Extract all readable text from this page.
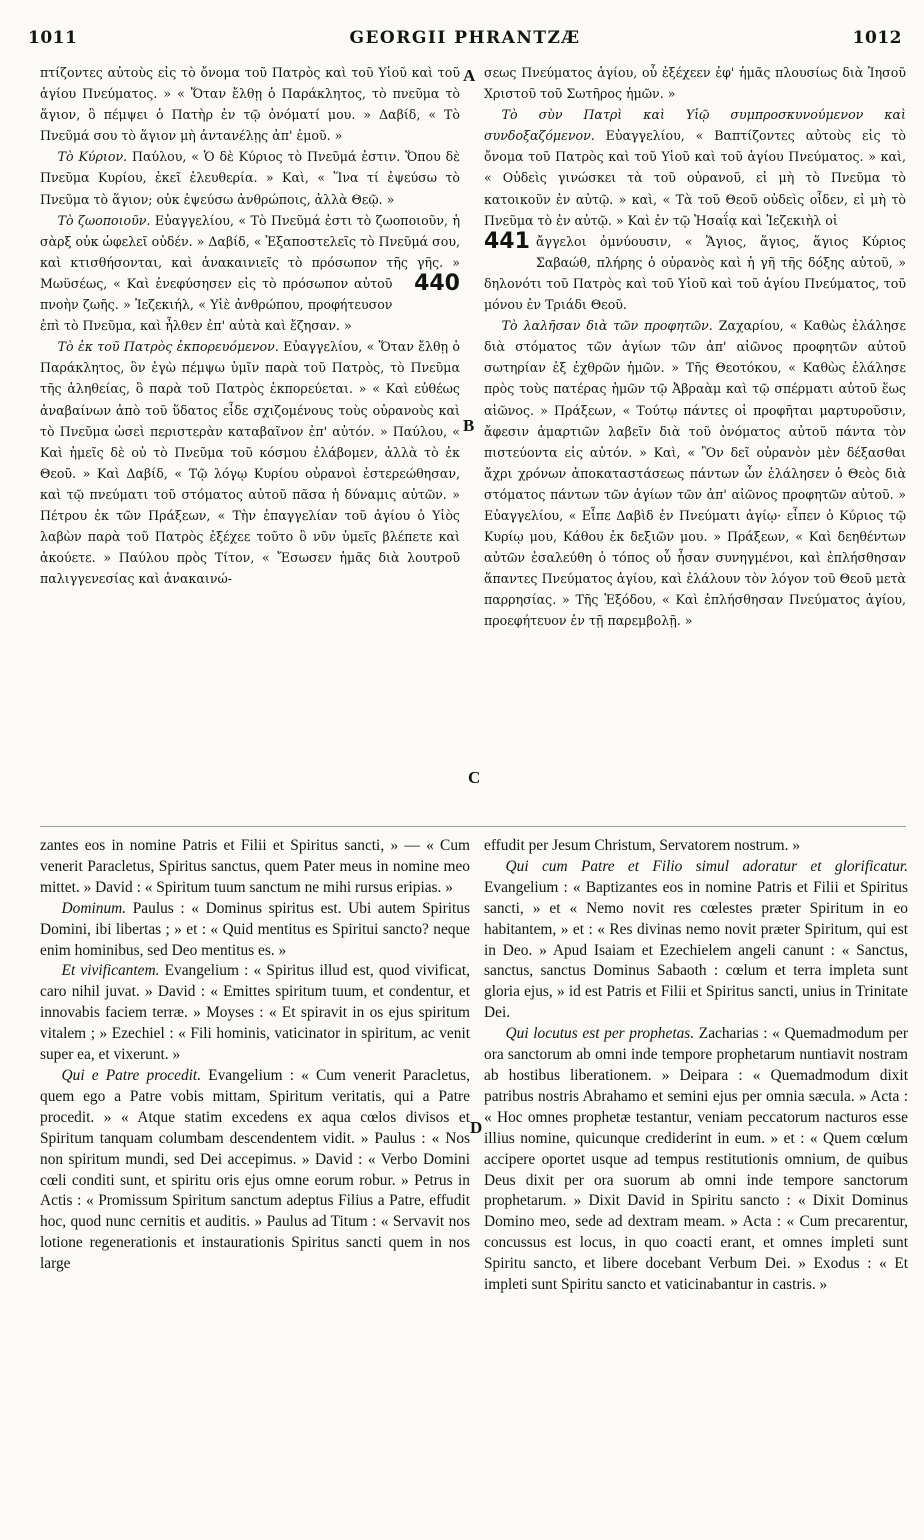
GEORGII PHRANTZÆ
1011	1012
A
B
C
D

πτίζοντες αὐτοὺς εἰς τὸ ὄνομα τοῦ Πατρὸς καὶ τοῦ Υἱοῦ καὶ τοῦ ἁγίου Πνεύματος. » « Ὅταν ἔλθῃ ὁ Παράκλητος, τὸ πνεῦμα τὸ ἅγιον, ὃ πέμψει ὁ Πατὴρ ἐν τῷ ὀνόματί μου. » Δαβίδ, « Τὸ Πνεῦμά σου τὸ ἅγιον μὴ ἀντανέλῃς ἀπ' ἐμοῦ. »

Τὸ Κύριον. Παύλου, « Ὁ δὲ Κύριος τὸ Πνεῦμά ἐστιν. Ὅπου δὲ Πνεῦμα Κυρίου, ἐκεῖ ἐλευθερία. » Καὶ, « Ἵνα τί ἐψεύσω τὸ Πνεῦμα τὸ ἅγιον; οὐκ ἐψεύσω ἀνθρώποις, ἀλλὰ Θεῷ. »

Τὸ ζωοποιοῦν. Εὐαγγελίου, « Τὸ Πνεῦμά ἐστι τὸ ζωοποιοῦν, ἡ σὰρξ οὐκ ὠφελεῖ οὐδέν. » Δαβίδ, « Ἐξαποστελεῖς τὸ Πνεῦμά σου, καὶ κτισθήσονται, καὶ ἀνακαινιεῖς τὸ πρόσωπον τῆς γῆς. » Μωϋσέως, « Καὶ ἐνεφύσησεν εἰς τὸ πρόσωπον αὐτοῦ 440
πνοὴν ζωῆς. » Ἰεζεκιήλ, « Υἱὲ ἀνθρώπου, προφήτευσον ἐπὶ τὸ Πνεῦμα, καὶ ἦλθεν ἐπ' αὐτὰ καὶ ἔζησαν. »

Τὸ ἐκ τοῦ Πατρὸς ἐκπορευόμενον. Εὐαγγελίου, « Ὅταν ἔλθῃ ὁ Παράκλητος, ὃν ἐγὼ πέμψω ὑμῖν παρὰ τοῦ Πατρὸς, τὸ Πνεῦμα τῆς ἀληθείας, ὃ παρὰ τοῦ Πατρὸς ἐκπορεύεται. » « Καὶ εὐθέως ἀναβαίνων ἀπὸ τοῦ ὕδατος εἶδε σχιζομένους τοὺς οὐρανοὺς καὶ τὸ Πνεῦμα ὡσεὶ περιστερὰν καταβαῖνον ἐπ' αὐτόν. » Παύλου, « Καὶ ἡμεῖς δὲ οὐ τὸ Πνεῦμα τοῦ κόσμου ἐλάβομεν, ἀλλὰ τὸ ἐκ Θεοῦ. » Καὶ Δαβίδ, « Τῷ λόγῳ Κυρίου οὐρανοὶ ἐστερεώθησαν, καὶ τῷ πνεύματι τοῦ στόματος αὐτοῦ πᾶσα ἡ δύναμις αὐτῶν. » Πέτρου ἐκ τῶν Πράξεων, « Τὴν ἐπαγγελίαν τοῦ ἁγίου ὁ Υἱὸς λαβὼν παρὰ τοῦ Πατρὸς ἐξέχεε τοῦτο ὃ νῦν ὑμεῖς βλέπετε καὶ ἀκούετε. » Παύλου πρὸς Τίτον, « Ἔσωσεν ἡμᾶς διὰ λουτροῦ παλιγγενεσίας καὶ ἀνακαινώ-

σεως Πνεύματος ἁγίου, οὗ ἐξέχεεν ἐφ' ἡμᾶς πλουσίως διὰ Ἰησοῦ Χριστοῦ τοῦ Σωτῆρος ἡμῶν. »

Τὸ σὺν Πατρὶ καὶ Υἱῷ συμπροσκυνούμενον καὶ συνδοξαζόμενον. Εὐαγγελίου, « Βαπτίζοντες αὐτοὺς εἰς τὸ ὄνομα τοῦ Πατρὸς καὶ τοῦ Υἱοῦ καὶ τοῦ ἁγίου Πνεύματος. » καὶ, « Οὐδεὶς γινώσκει τὰ τοῦ οὐρανοῦ, εἰ μὴ τὸ Πνεῦμα τὸ κατοικοῦν ἐν αὐτῷ. » καὶ, « Τὰ τοῦ Θεοῦ οὐδεὶς οἶδεν, εἰ μὴ τὸ Πνεῦμα τὸ ἐν αὐτῷ. » Καὶ ἐν τῷ Ἡσαΐᾳ καὶ Ἰεζεκιὴλ οἱ

441 ἄγγελοι ὀμνύουσιν, « Ἅγιος, ἅγιος, ἅγιος Κύριος Σαβαώθ, πλήρης ὁ οὐρανὸς καὶ ἡ γῆ τῆς δόξης αὐτοῦ, » δηλονότι τοῦ Πατρὸς καὶ τοῦ Υἱοῦ καὶ τοῦ ἁγίου Πνεύματος, τοῦ μόνου ἐν Τριάδι Θεοῦ.

Τὸ λαλῆσαν διὰ τῶν προφητῶν. Ζαχαρίου, « Καθὼς ἐλάλησε διὰ στόματος τῶν ἁγίων τῶν ἀπ' αἰῶνος προφητῶν αὐτοῦ σωτηρίαν ἐξ ἐχθρῶν ἡμῶν. » Τῆς Θεοτόκου, « Καθὼς ἐλάλησε πρὸς τοὺς πατέρας ἡμῶν τῷ Ἀβραὰμ καὶ τῷ σπέρματι αὐτοῦ ἕως αἰῶνος. » Πράξεων, « Τούτῳ πάντες οἱ προφῆται μαρτυροῦσιν, ἄφεσιν ἁμαρτιῶν λαβεῖν διὰ τοῦ ὀνόματος αὐτοῦ πάντα τὸν πιστεύοντα εἰς αὐτόν. » Καὶ, « Ὃν δεῖ οὐρανὸν μὲν δέξασθαι ἄχρι χρόνων ἀποκαταστάσεως πάντων ὧν ἐλάλησεν ὁ Θεὸς διὰ στόματος πάντων τῶν ἁγίων τῶν ἀπ' αἰῶνος προφητῶν αὐτοῦ. » Εὐαγγελίου, « Εἶπε Δαβὶδ ἐν Πνεύματι ἁγίῳ· εἶπεν ὁ Κύριος τῷ Κυρίῳ μου, Κάθου ἐκ δεξιῶν μου. » Πράξεων, « Καὶ δεηθέντων αὐτῶν ἐσαλεύθη ὁ τόπος οὗ ἦσαν συνηγμένοι, καὶ ἐπλήσθησαν ἅπαντες Πνεύματος ἁγίου, καὶ ἐλάλουν τὸν λόγον τοῦ Θεοῦ μετὰ παρρησίας. » Τῆς Ἐξόδου, « Καὶ ἐπλήσθησαν Πνεύματος ἁγίου, προεφήτευον ἐν τῇ παρεμβολῇ. »

zantes eos in nomine Patris et Filii et Spiritus sancti, » — « Cum venerit Paracletus, Spiritus sanctus, quem Pater meus in nomine meo mittet. » David : « Spiritum tuum sanctum ne mihi rursus eripias. »

Dominum. Paulus : « Dominus spiritus est. Ubi autem Spiritus Domini, ibi libertas ; » et : « Quid mentitus es Spiritui sancto? neque enim hominibus, sed Deo mentitus es. »

Et vivificantem. Evangelium : « Spiritus illud est, quod vivificat, caro nihil juvat. » David : « Emittes spiritum tuum, et condentur, et innovabis faciem terræ. » Moyses : « Et spiravit in os ejus spiritum vitalem ; » Ezechiel : « Fili hominis, vaticinator in spiritum, ac venit super ea, et vixerunt. »

Qui e Patre procedit. Evangelium : « Cum venerit Paracletus, quem ego a Patre vobis mittam, Spiritum veritatis, qui a Patre procedit. » « Atque statim excedens ex aqua cœlos divisos et Spiritum tanquam columbam descendentem vidit. » Paulus : « Nos non spiritum mundi, sed Dei accepimus. » David : « Verbo Domini cœli conditi sunt, et spiritu oris ejus omne eorum robur. » Petrus in Actis : « Promissum Spiritum sanctum adeptus Filius a Patre, effudit hoc, quod nunc cernitis et auditis. » Paulus ad Titum : « Servavit nos lotione regenerationis et instaurationis Spiritus sancti quem in nos large

effudit per Jesum Christum, Servatorem nostrum. »

Qui cum Patre et Filio simul adoratur et glorificatur. Evangelium : « Baptizantes eos in nomine Patris et Filii et Spiritus sancti, » et « Nemo novit res cœlestes præter Spiritum in eo habitantem, » et : « Res divinas nemo novit præter Spiritum, qui est in Deo. » Apud Isaiam et Ezechielem angeli canunt : « Sanctus, sanctus, sanctus Dominus Sabaoth : cœlum et terra impleta sunt gloria ejus, » id est Patris et Filii et Spiritus sancti, unius in Trinitate Dei.

Qui locutus est per prophetas. Zacharias : « Quemadmodum per ora sanctorum ab omni inde tempore prophetarum nuntiavit nostram ab hostibus liberationem. » Deipara : « Quemadmodum dixit patribus nostris Abrahamo et semini ejus per omnia sæcula. » Acta : « Hoc omnes prophetæ testantur, veniam peccatorum nacturos esse illius nomine, quicunque crediderint in eum. » et : « Quem cœlum accipere oportet usque ad tempus restitutionis omnium, de quibus Deus dixit per ora suorum ab omni inde tempore sanctorum prophetarum. » Dixit David in Spiritu sancto : « Dixit Dominus Domino meo, sede ad dextram meam. » Acta : « Cum precarentur, concussus est locus, in quo coacti erant, et omnes impleti sunt Spiritu sancto, et libere docebant Verbum Dei. » Exodus : « Et impleti sunt Spiritu sancto et vaticinabantur in castris. »
